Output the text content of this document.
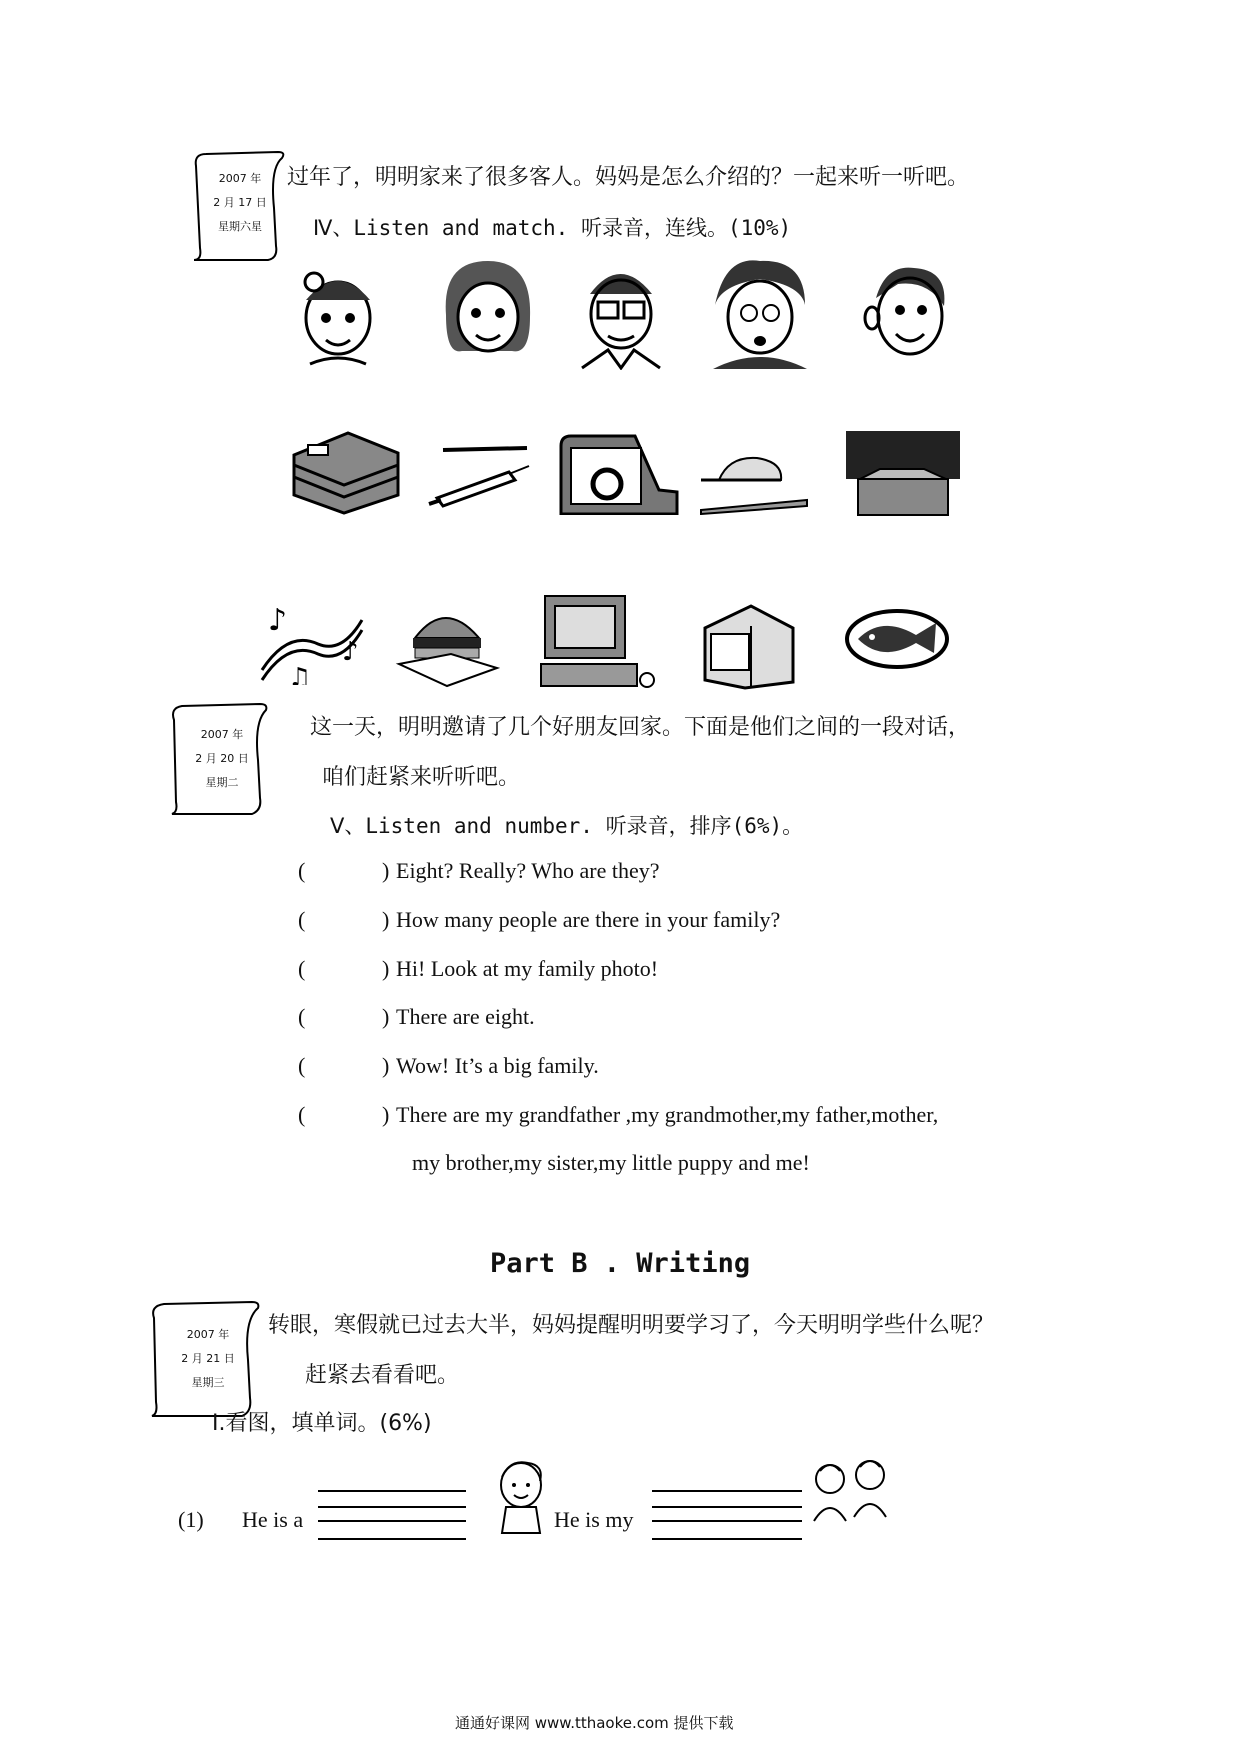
2007 年
2 月 17 日
星期六星
过年了，明明家来了很多客人。妈妈是怎么介绍的？一起来听一听吧。
Ⅳ、Listen and match. 听录音，连线。(10%)
♪
♪
♫
2007 年
2 月 20 日
星期二
这一天，明明邀请了几个好朋友回家。下面是他们之间的一段对话，
咱们赶紧来听听吧。
Ⅴ、Listen and number. 听录音，排序(6%)。
(	) Eight? Really? Who are they?
(	) How many people are there in your family?
(	) Hi! Look at my family photo!
(	) There are eight.
(	) Wow! It’s a big family.
(	) There are my grandfather ,my grandmother,my father,mother,
my brother,my sister,my little puppy and me!
Part B . Writing
2007 年
2 月 21 日
星期三
转眼，寒假就已过去大半，妈妈提醒明明要学习了，今天明明学些什么呢？
赶紧去看看吧。
Ⅰ.看图，填单词。(6%)
(1) He is a	He is my
通通好课网 www.tthaoke.com 提供下载
